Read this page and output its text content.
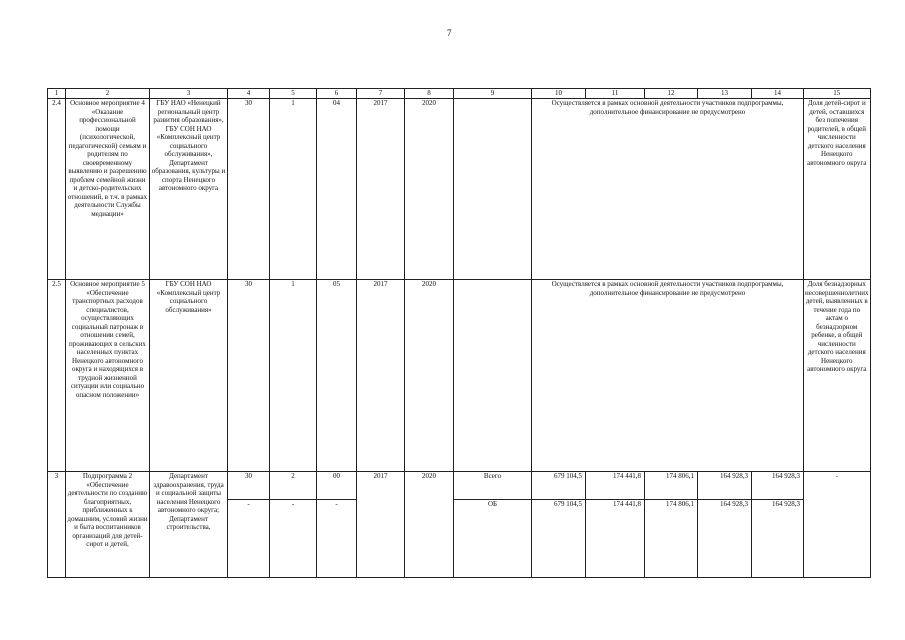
7
1	2	3	4	5	6	7	8	9	10	11	12	13	14	15
2.4	Основное мероприятие 4 «Оказание профессиональной помощи (психологической, педагогической) семьям и родителям по своевременному выявлению и разрешению проблем семейной жизни и детско-родительских отношений, в т.ч. в рамках деятельности Службы медиации»	ГБУ НАО «Ненецкий региональный центр развития образования», ГБУ СОН НАО «Комплексный центр социального обслуживания», Департамент образования, культуры и спорта Ненецкого автономного округа	30	1	04	2017	2020		Осуществляется в рамках основной деятельности участников подпрограммы, дополнительное финансирование не предусмотрено					Доля детей-сирот и детей, оставшихся без попечения родителей, в общей численности детского населения Ненецкого автономного округа
2.5	Основное мероприятие 5 «Обеспечение транспортных расходов специалистов, осуществляющих социальный патронаж в отношении семей, проживающих в сельских населенных пунктах Ненецкого автономного округа и находящихся в трудной жизненной ситуации или социально опасном положении»	ГБУ СОН НАО «Комплексный центр социального обслуживания»	30	1	05	2017	2020		Осуществляется в рамках основной деятельности участников подпрограммы, дополнительное финансирование не предусмотрено					Доля безнадзорных несовершеннолетних детей, выявленных в течение года по актам о безнадзорном ребенке, в общей численности детского населения Ненецкого автономного округа
3	Подпрограмма 2 «Обеспечение деятельности по созданию благоприятных, приближенных к домашним, условий жизни и быта воспитанников организаций для детей-сирот и детей,	Департамент здравоохранения, труда и социальной защиты населения Ненецкого автономного округа; Департамент строительства,	30	2	00	2017	2020	Всего	679 104,5	174 441,8	174 806,1	164 928,3	164 928,3	-
			-	-	-			ОБ	679 104,5	174 441,8	174 806,1	164 928,3	164 928,3	
